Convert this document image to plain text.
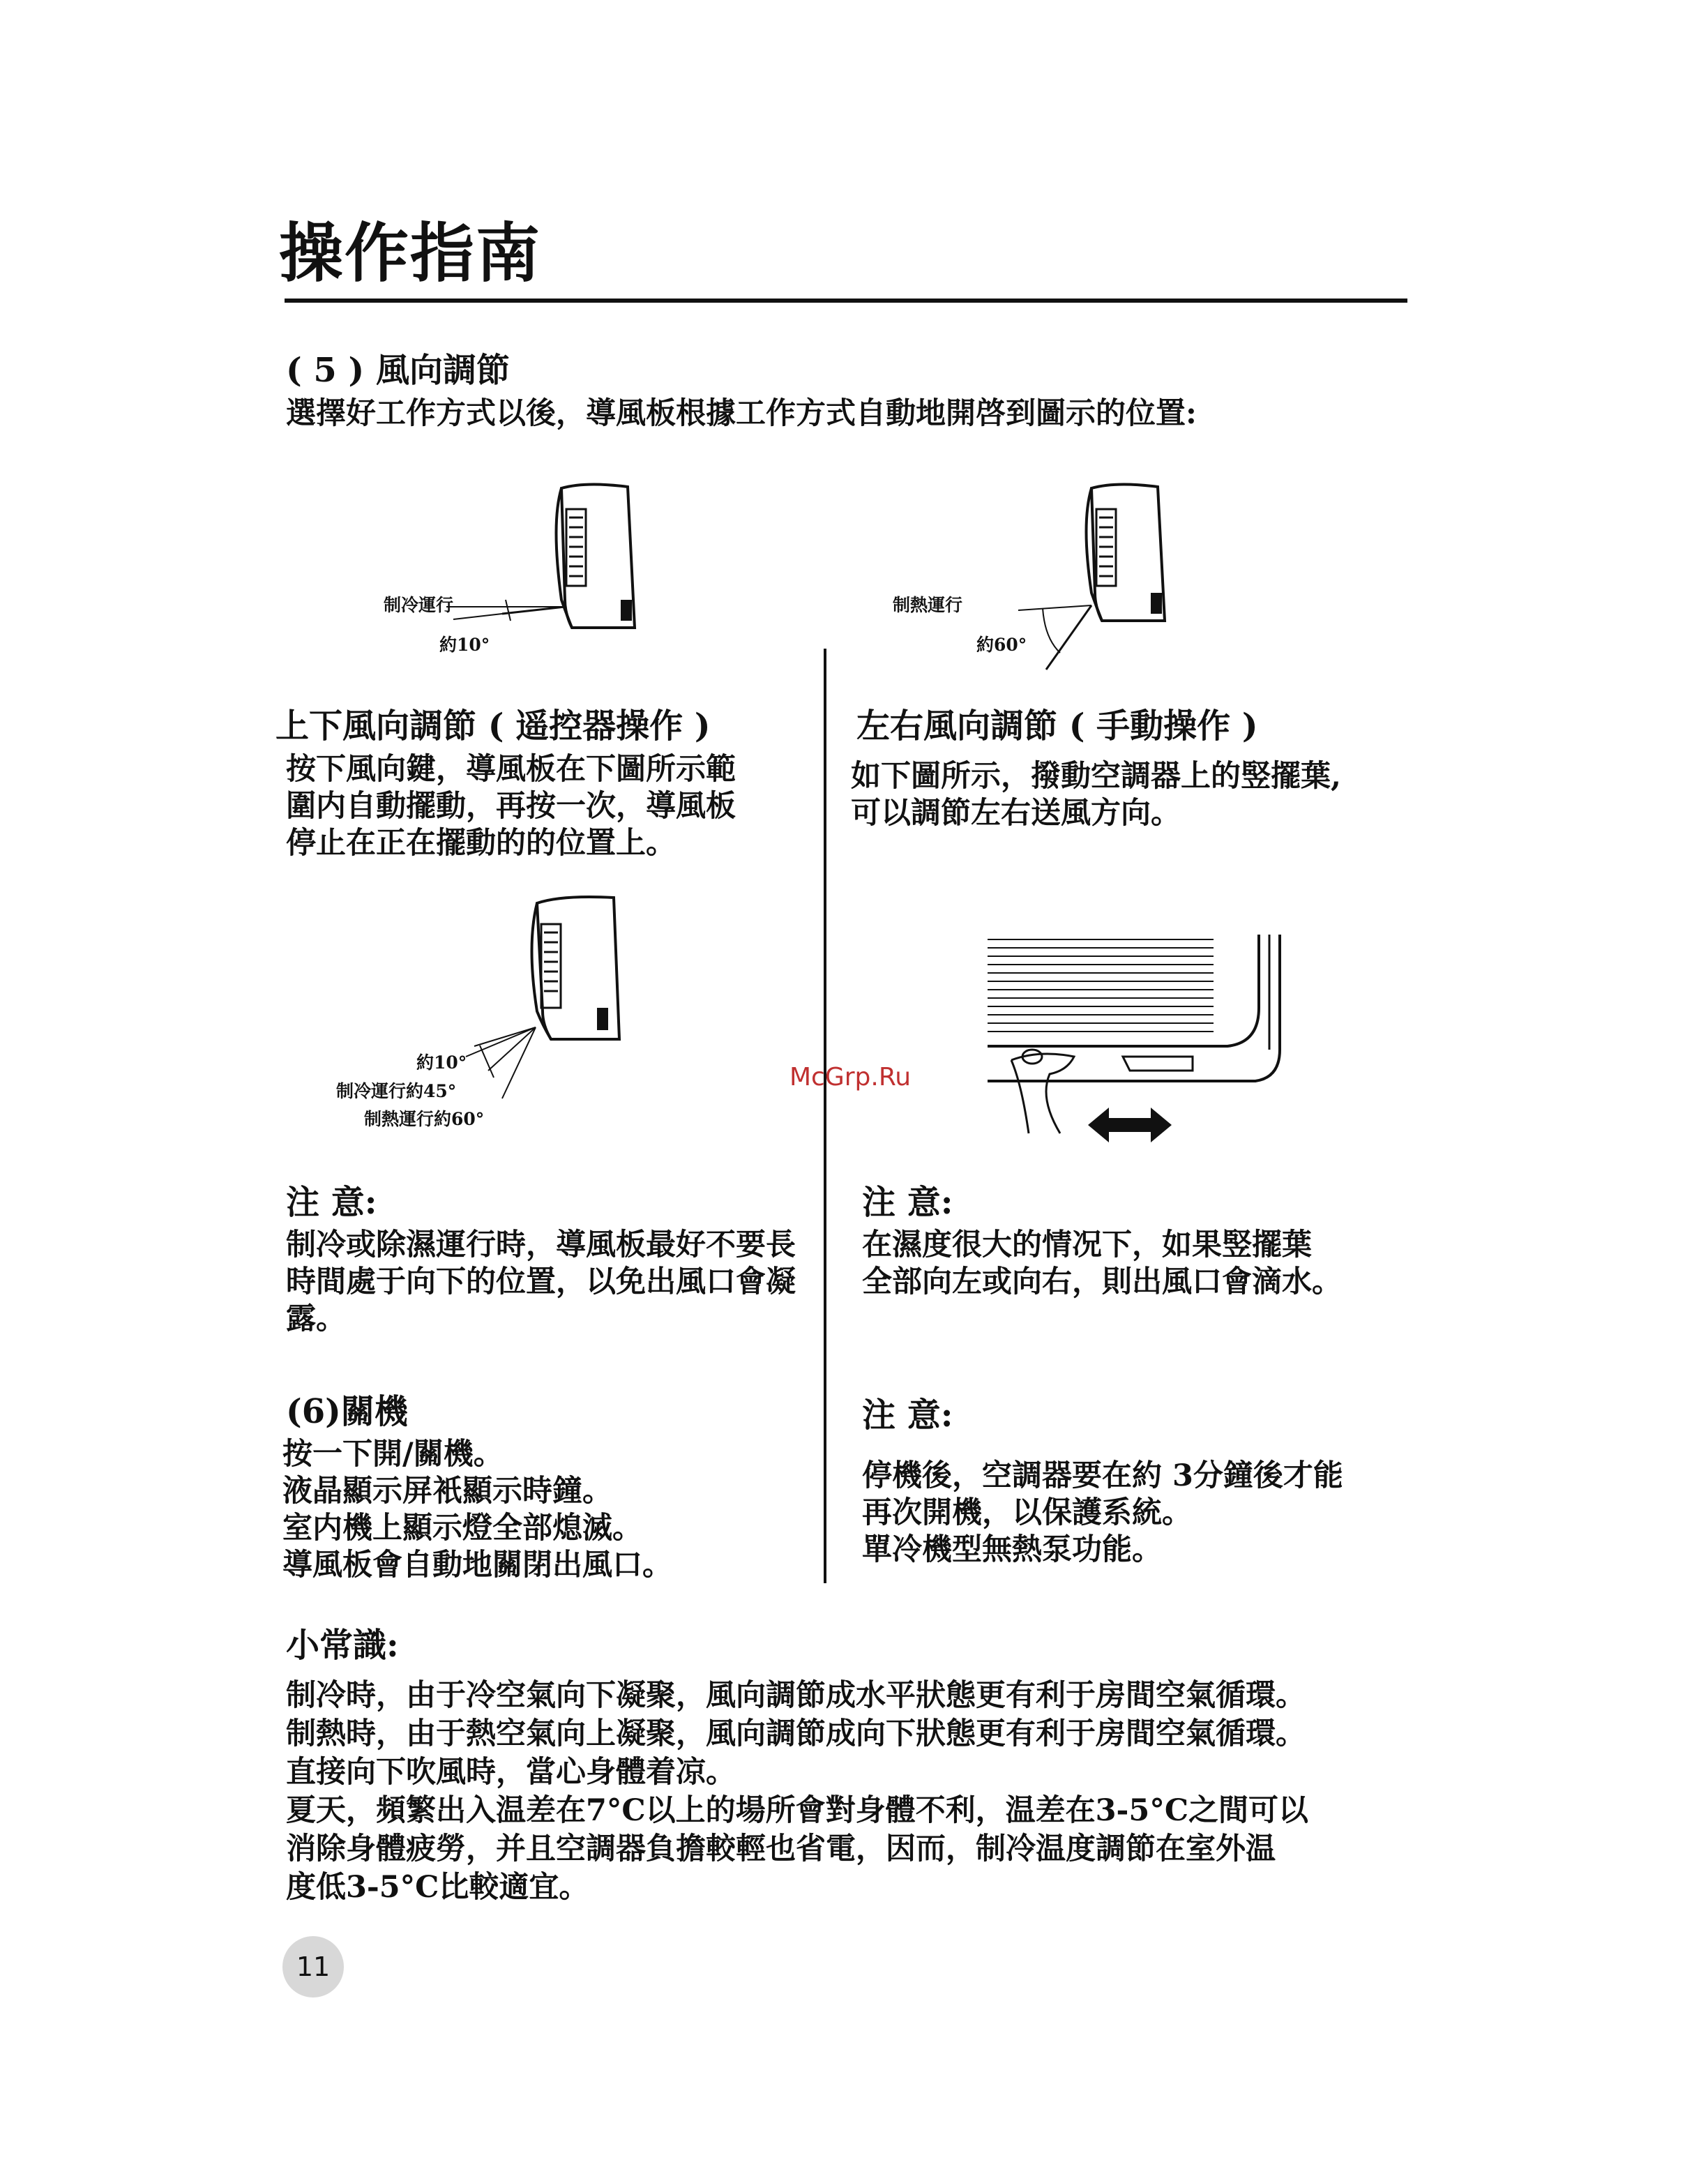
操作指南
( 5 ) 風向調節
選擇好工作方式以後，導風板根據工作方式自動地開啓到圖示的位置:
制冷運行
約10°
制熱運行
約60°
上下風向調節 ( 遥控器操作 )
按下風向鍵，導風板在下圖所示範
圍内自動擺動，再按一次，導風板
停止在正在擺動的的位置上。
約10°
制冷運行約45°
制熱運行約60°
注 意:
制冷或除濕運行時，導風板最好不要長
時間處于向下的位置，以免出風口會凝
露。
(6)關機
按一下開/關機。
液晶顯示屏衹顯示時鐘。
室内機上顯示燈全部熄滅。
導風板會自動地關閉出風口。
左右風向調節 ( 手動操作 )
如下圖所示，撥動空調器上的竪擺葉,
可以調節左右送風方向。
注 意:
在濕度很大的情况下，如果竪擺葉
全部向左或向右，則出風口會滴水。
注 意:
停機後，空調器要在約 3分鐘後才能
再次開機，以保護系統。
單冷機型無熱泵功能。
小常識:
制冷時，由于冷空氣向下凝聚，風向調節成水平狀態更有利于房間空氣循環。
制熱時，由于熱空氣向上凝聚，風向調節成向下狀態更有利于房間空氣循環。
直接向下吹風時，當心身體着凉。
夏天，頻繁出入温差在7°C以上的場所會對身體不利，温差在3-5°C之間可以
消除身體疲勞，并且空調器負擔較輕也省電，因而，制冷温度調節在室外温
度低3-5°C比較適宜。
McGrp.Ru
11
